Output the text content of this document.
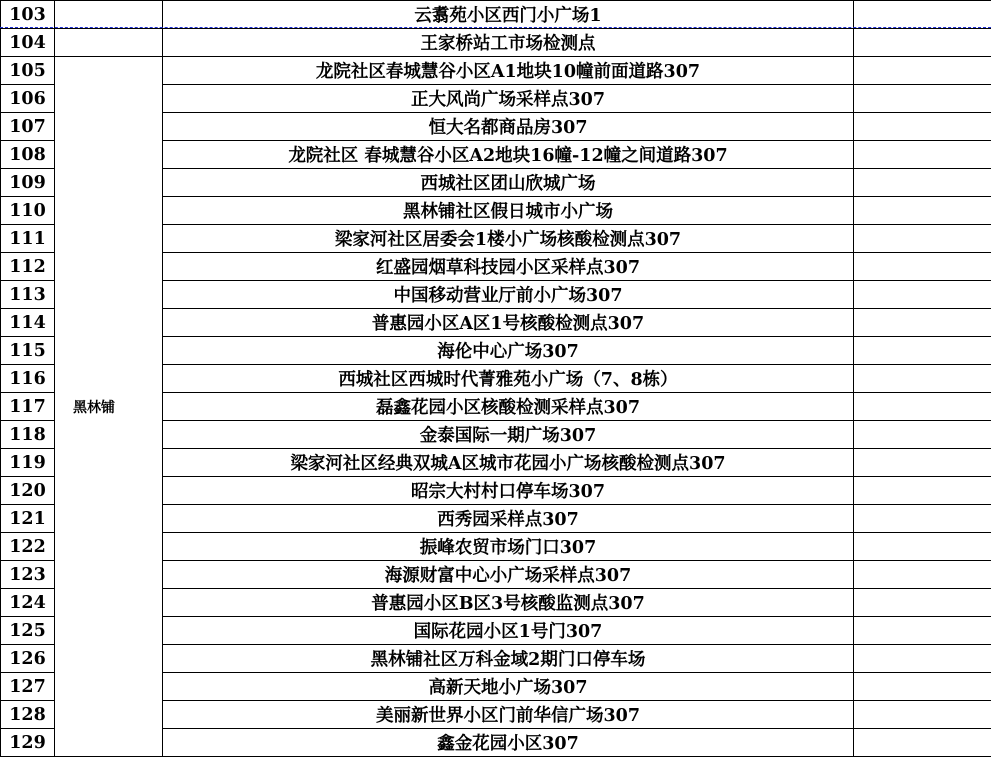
103		云翥苑小区西门小广场1	
104		王家桥站工市场检测点	
105	黑林铺	龙院社区春城慧谷小区A1地块10幢前面道路307	
106		正大风尚广场采样点307	
107		恒大名都商品房307	
108		龙院社区 春城慧谷小区A2地块16幢-12幢之间道路307	
109		西城社区团山欣城广场	
110		黑林铺社区假日城市小广场	
111		梁家河社区居委会1楼小广场核酸检测点307	
112		红盛园烟草科技园小区采样点307	
113		中国移动营业厅前小广场307	
114		普惠园小区A区1号核酸检测点307	
115		海伦中心广场307	
116		西城社区西城时代菁雅苑小广场（7、8栋）	
117		磊鑫花园小区核酸检测采样点307	
118		金泰国际一期广场307	
119		梁家河社区经典双城A区城市花园小广场核酸检测点307	
120		昭宗大村村口停车场307	
121		西秀园采样点307	
122		振峰农贸市场门口307	
123		海源财富中心小广场采样点307	
124		普惠园小区B区3号核酸监测点307	
125		国际花园小区1号门307	
126		黑林铺社区万科金域2期门口停车场	
127		高新天地小广场307	
128		美丽新世界小区门前华信广场307	
129		鑫金花园小区307	
